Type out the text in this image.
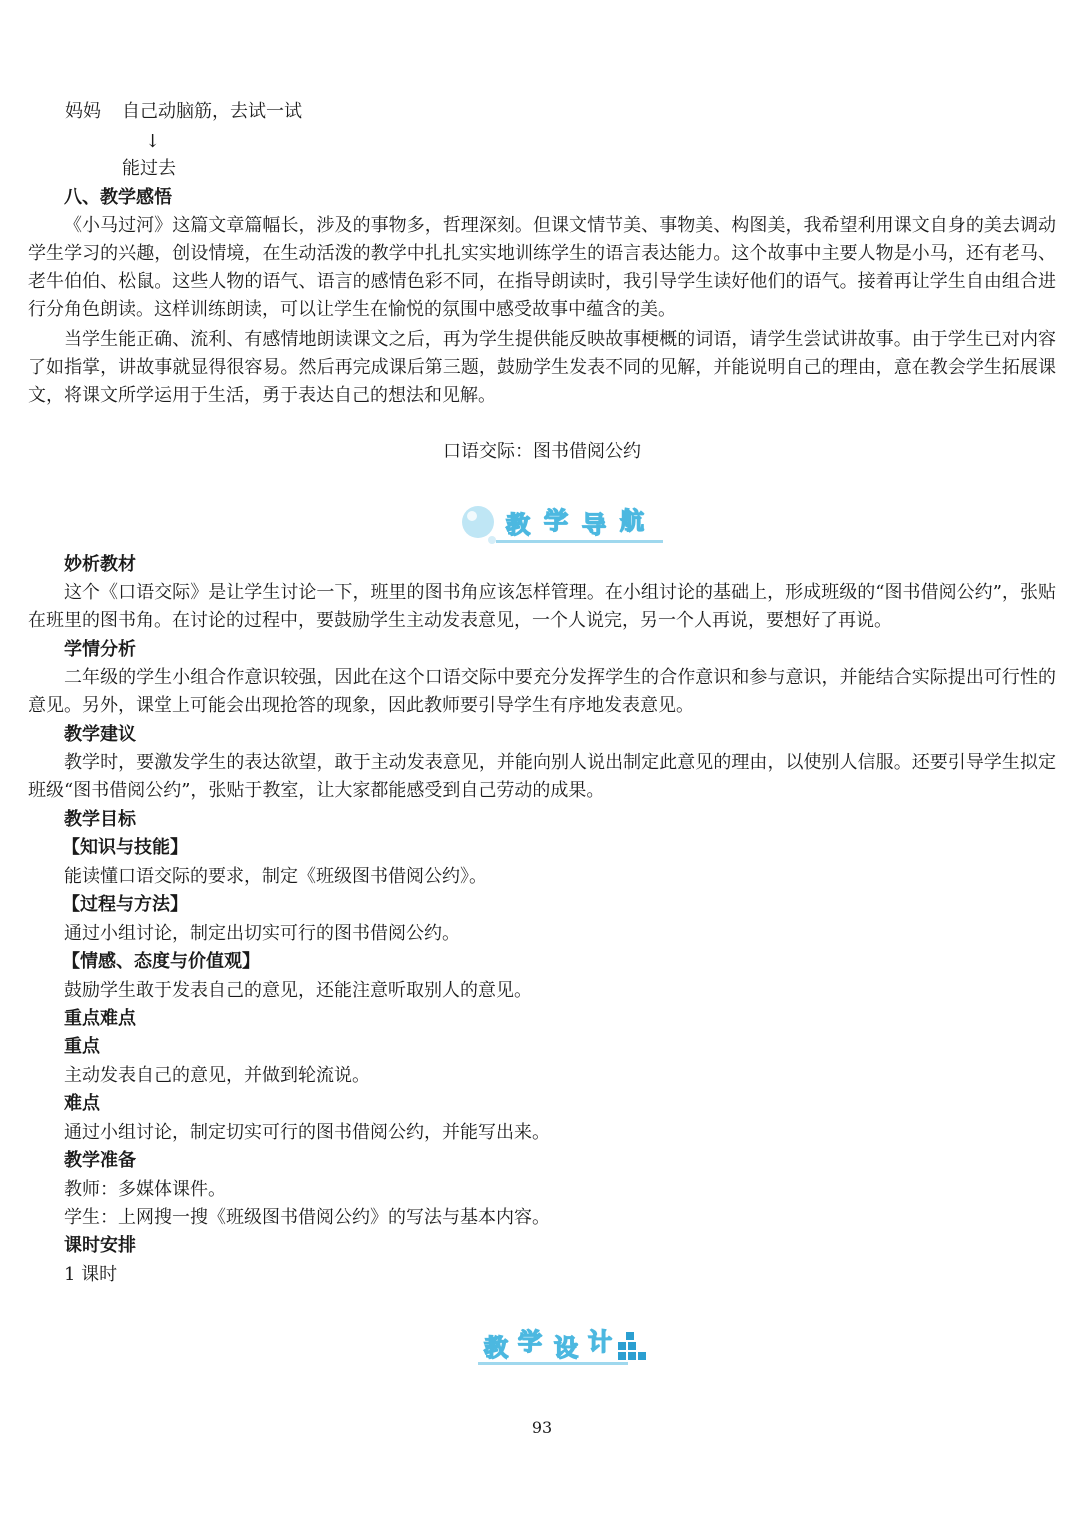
妈妈 自己动脑筋，去试一试
↓
能过去
八、教学感悟
《小马过河》这篇文章篇幅长，涉及的事物多，哲理深刻。但课文情节美、事物美、构图美，我希望利用课文自身的美去调动学生学习的兴趣，创设情境，在生动活泼的教学中扎扎实实地训练学生的语言表达能力。这个故事中主要人物是小马，还有老马、老牛伯伯、松鼠。这些人物的语气、语言的感情色彩不同，在指导朗读时，我引导学生读好他们的语气。接着再让学生自由组合进行分角色朗读。这样训练朗读，可以让学生在愉悦的氛围中感受故事中蕴含的美。
当学生能正确、流利、有感情地朗读课文之后，再为学生提供能反映故事梗概的词语，请学生尝试讲故事。由于学生已对内容了如指掌，讲故事就显得很容易。然后再完成课后第三题，鼓励学生发表不同的见解，并能说明自己的理由，意在教会学生拓展课文，将课文所学运用于生活，勇于表达自己的想法和见解。
口语交际：图书借阅公约
教 学 导 航
妙析教材
这个《口语交际》是让学生讨论一下，班里的图书角应该怎样管理。在小组讨论的基础上，形成班级的“图书借阅公约”，张贴在班里的图书角。在讨论的过程中，要鼓励学生主动发表意见，一个人说完，另一个人再说，要想好了再说。
学情分析
二年级的学生小组合作意识较强，因此在这个口语交际中要充分发挥学生的合作意识和参与意识，并能结合实际提出可行性的意见。另外，课堂上可能会出现抢答的现象，因此教师要引导学生有序地发表意见。
教学建议
教学时，要激发学生的表达欲望，敢于主动发表意见，并能向别人说出制定此意见的理由，以使别人信服。还要引导学生拟定班级“图书借阅公约”，张贴于教室，让大家都能感受到自己劳动的成果。
教学目标
【知识与技能】
能读懂口语交际的要求，制定《班级图书借阅公约》。
【过程与方法】
通过小组讨论，制定出切实可行的图书借阅公约。
【情感、态度与价值观】
鼓励学生敢于发表自己的意见，还能注意听取别人的意见。
重点难点
重点
主动发表自己的意见，并做到轮流说。
难点
通过小组讨论，制定切实可行的图书借阅公约，并能写出来。
教学准备
教师：多媒体课件。
学生：上网搜一搜《班级图书借阅公约》的写法与基本内容。
课时安排
1 课时
教 学 设 计
93
